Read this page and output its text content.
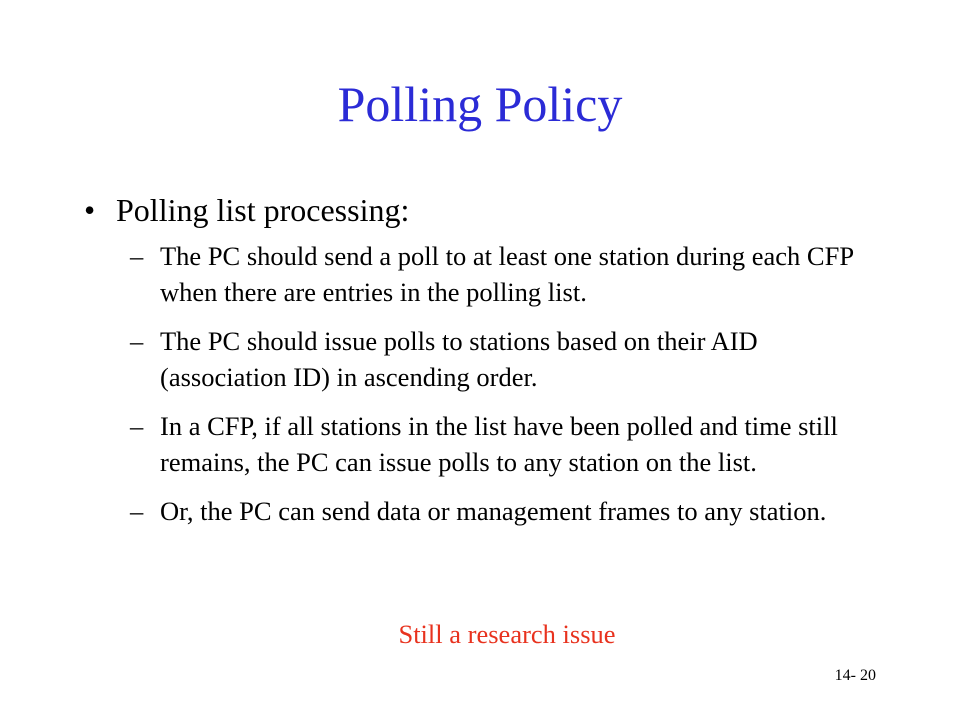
Polling Policy
• Polling list processing:
– The PC should send a poll to at least one station during each CFP when there are entries in the polling list.
– The PC should issue polls to stations based on their AID (association ID) in ascending order.
– In a CFP, if all stations in the list have been polled and time still remains, the PC can issue polls to any station on the list.
– Or, the PC can send data or management frames to any station.
Still a research issue
14- 20
